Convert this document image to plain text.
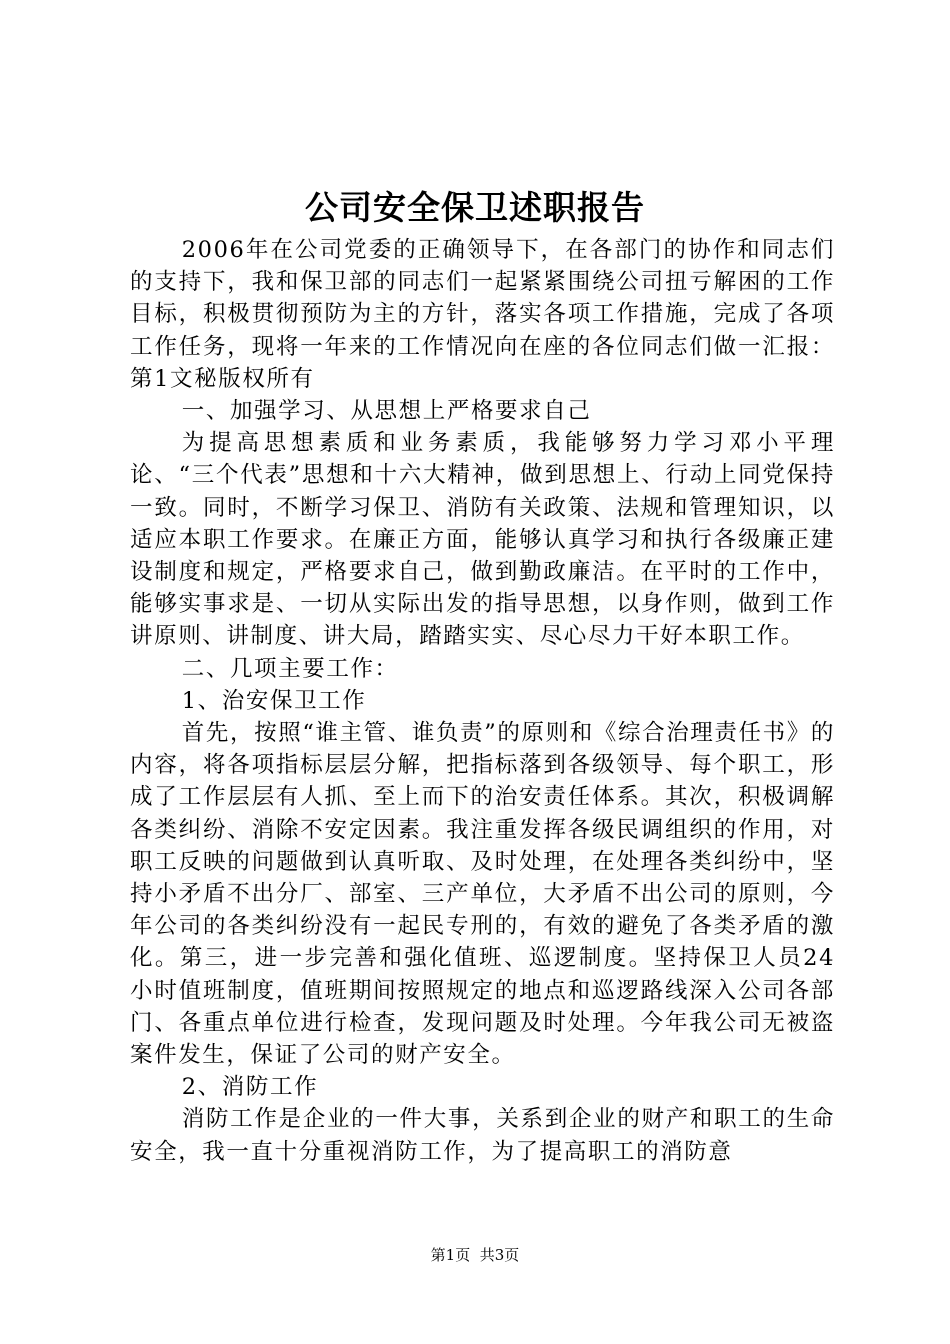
公司安全保卫述职报告

2006年在公司党委的正确领导下，在各部门的协作和同志们的支持下，我和保卫部的同志们一起紧紧围绕公司扭亏解困的工作目标，积极贯彻预防为主的方针，落实各项工作措施，完成了各项工作任务，现将一年来的工作情况向在座的各位同志们做一汇报：第1文秘版权所有

一、加强学习、从思想上严格要求自己

为提高思想素质和业务素质，我能够努力学习邓小平理论、“三个代表”思想和十六大精神，做到思想上、行动上同党保持一致。同时，不断学习保卫、消防有关政策、法规和管理知识，以适应本职工作要求。在廉正方面，能够认真学习和执行各级廉正建设制度和规定，严格要求自己，做到勤政廉洁。在平时的工作中，能够实事求是、一切从实际出发的指导思想，以身作则，做到工作讲原则、讲制度、讲大局，踏踏实实、尽心尽力干好本职工作。

二、几项主要工作：

1、治安保卫工作

首先，按照“谁主管、谁负责”的原则和《综合治理责任书》的内容，将各项指标层层分解，把指标落到各级领导、每个职工，形成了工作层层有人抓、至上而下的治安责任体系。其次，积极调解各类纠纷、消除不安定因素。我注重发挥各级民调组织的作用，对职工反映的问题做到认真听取、及时处理，在处理各类纠纷中，坚持小矛盾不出分厂、部室、三产单位，大矛盾不出公司的原则，今年公司的各类纠纷没有一起民专刑的，有效的避免了各类矛盾的激化。第三，进一步完善和强化值班、巡逻制度。坚持保卫人员24小时值班制度，值班期间按照规定的地点和巡逻路线深入公司各部门、各重点单位进行检查，发现问题及时处理。今年我公司无被盗案件发生，保证了公司的财产安全。

2、消防工作

消防工作是企业的一件大事，关系到企业的财产和职工的生命安全，我一直十分重视消防工作，为了提高职工的消防意

第1页 共3页
